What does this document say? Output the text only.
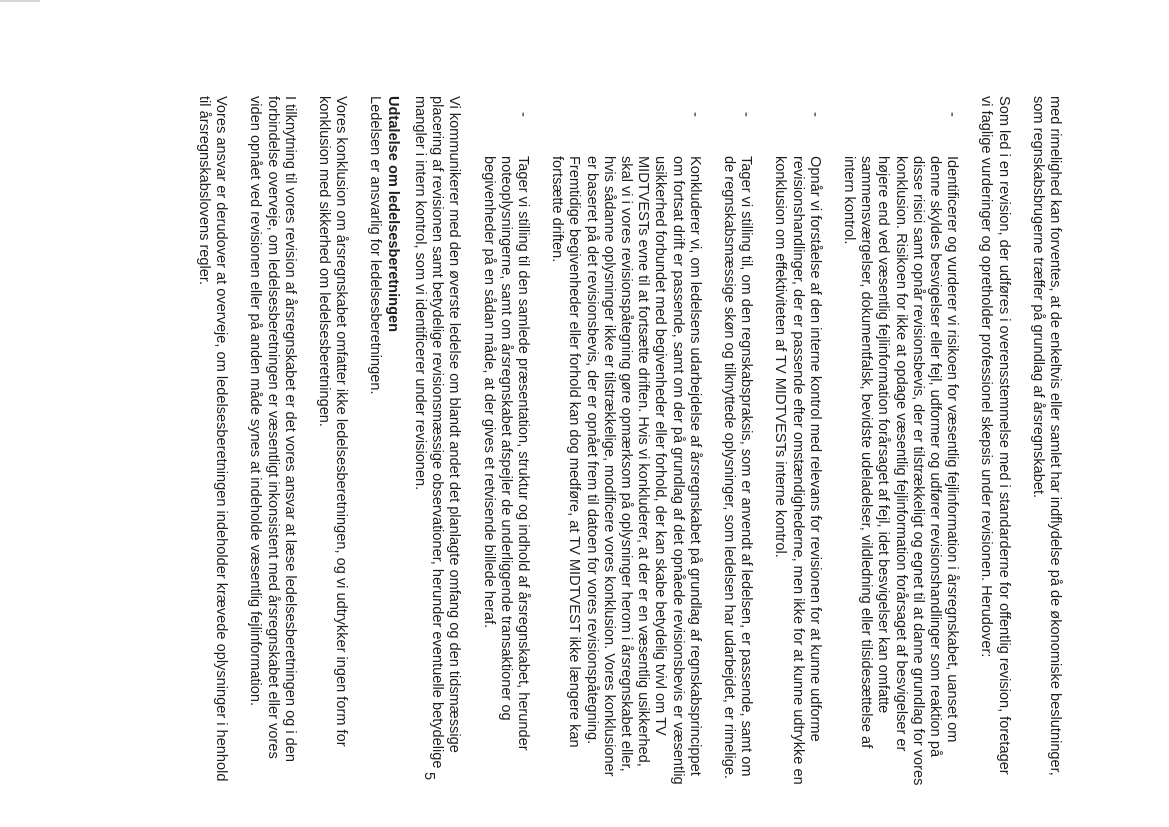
med rimelighed kan forventes, at de enkeltvis eller samlet har indflydelse på de økonomiske beslutninger, som regnskabsbrugerne træffer på grundlag af årsregnskabet.

Som led i en revision, der udføres i overensstemmelse med i standarderne for offentlig revision, foretager vi faglige vurderinger og opretholder professionel skepsis under revisionen. Herudover:

-
Identificerer og vurderer vi risikoen for væsentlig fejlinformation i årsregnskabet, uanset om denne skyldes besvigelser eller fejl, udformer og udfører revisionshandlinger som reaktion på disse risici samt opnår revisionsbevis, der er tilstrækkeligt og egnet til at danne grundlag for vores konklusion. Risikoen for ikke at opdage væsentlig fejlinformation forårsaget af besvigelser er højere end ved væsentlig fejlinformation forårsaget af fejl, idet besvigelser kan omfatte sammensværgelser, dokumentfalsk, bevidste udeladelser, vildledning eller tilsidesættelse af intern kontrol.
-
Opnår vi forståelse af den interne kontrol med relevans for revisionen for at kunne udforme revisionshandlinger, der er passende efter omstændighederne, men ikke for at kunne udtrykke en konklusion om effektiviteten af TV MIDTVESTs interne kontrol.
-
Tager vi stilling til, om den regnskabspraksis, som er anvendt af ledelsen, er passende, samt om de regnskabsmæssige skøn og tilknyttede oplysninger, som ledelsen har udarbejdet, er rimelige.
-
Konkluderer vi, om ledelsens udarbejdelse af årsregnskabet på grundlag af regnskabsprincippet om fortsat drift er passende, samt om der på grundlag af det opnåede revisionsbevis er væsentlig usikkerhed forbundet med begivenheder eller forhold, der kan skabe betydelig tvivl om TV MIDTVESTs evne til at fortsætte driften. Hvis vi konkluderer, at der er en væsentlig usikkerhed, skal vi i vores revisionspåtegning gøre opmærksom på oplysninger herom i årsregnskabet eller, hvis sådanne oplysninger ikke er tilstrækkelige, modificere vores konklusion. Vores konklusioner er baseret på det revisionsbevis, der er opnået frem til datoen for vores revisionspåtegning. Fremtidige begivenheder eller forhold kan dog medføre, at TV MIDTVEST ikke længere kan fortsætte driften.
-
Tager vi stilling til den samlede præsentation, struktur og indhold af årsregnskabet, herunder noteoplysningerne, samt om årsregnskabet afspejler de underliggende transaktioner og begivenheder på en sådan måde, at der gives et retvisende billede heraf.

Vi kommunikerer med den øverste ledelse om blandt andet det planlagte omfang og den tidsmæssige placering af revisionen samt betydelige revisionsmæssige observationer, herunder eventuelle betydelige mangler i intern kontrol, som vi identificerer under revisionen.

Udtalelse om ledelsesberetningen

Ledelsen er ansvarlig for ledelsesberetningen.

Vores konklusion om årsregnskabet omfatter ikke ledelsesberetningen, og vi udtrykker ingen form for konklusion med sikkerhed om ledelsesberetningen.

I tilknytning til vores revision af årsregnskabet er det vores ansvar at læse ledelsesberetningen og i den forbindelse overveje, om ledelsesberetningen er væsentligt inkonsistent med årsregnskabet eller vores viden opnået ved revisionen eller på anden måde synes at indeholde væsentlig fejlinformation.

Vores ansvar er derudover at overveje, om ledelsesberetningen indeholder krævede oplysninger i henhold til årsregnskabslovens regler.

5
